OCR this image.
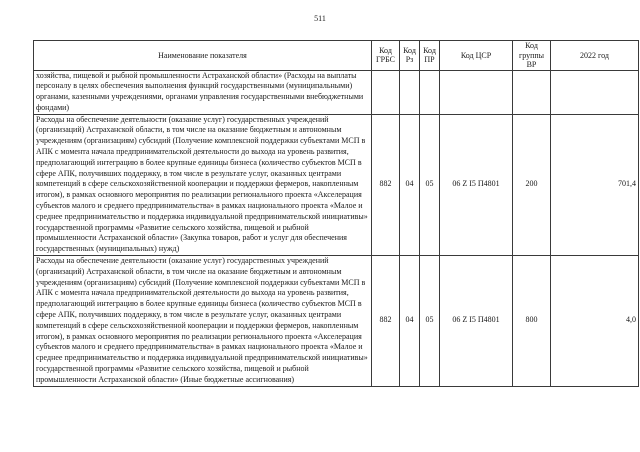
511
Наименование показателя	Код ГРБС	Код Рз	Код ПР	Код ЦСР	Код группы ВР	2022 год
хозяйства, пищевой и рыбной промышленности Астраханской области» (Расходы на выплаты персоналу в целях обеспечения выполнения функций государственными (муниципальными) органами, казенными учреждениями, органами управления государственными внебюджетными фондами)						
Расходы на обеспечение деятельности (оказание услуг) государственных учреждений (организаций) Астраханской области, в том числе на оказание бюджетным и автономным учреждениям (организациям) субсидий (Получение комплексной поддержки субъектами МСП в АПК с момента начала предпринимательской деятельности до выхода на уровень развития, предполагающий интеграцию в более крупные единицы бизнеса (количество субъектов МСП в сфере АПК, получивших поддержку, в том числе в результате услуг, оказанных центрами компетенций в сфере сельскохозяйственной кооперации и поддержки фермеров, накопленным итогом), в рамках основного мероприятия по реализации регионального проекта «Акселерация субъектов малого и среднего предпринимательства» в рамках национального проекта «Малое и среднее предпринимательство и поддержка индивидуальной предпринимательской инициативы» государственной программы «Развитие сельского хозяйства, пищевой и рыбной промышленности Астраханской области» (Закупка товаров, работ и услуг для обеспечения государственных (муниципальных) нужд)	882	04	05	06 Z I5 П4801	200	701,4
Расходы на обеспечение деятельности (оказание услуг) государственных учреждений (организаций) Астраханской области, в том числе на оказание бюджетным и автономным учреждениям (организациям) субсидий (Получение комплексной поддержки субъектами МСП в АПК с момента начала предпринимательской деятельности до выхода на уровень развития, предполагающий интеграцию в более крупные единицы бизнеса (количество субъектов МСП в сфере АПК, получивших поддержку, в том числе в результате услуг, оказанных центрами компетенций в сфере сельскохозяйственной кооперации и поддержки фермеров, накопленным итогом), в рамках основного мероприятия по реализации регионального проекта «Акселерация субъектов малого и среднего предпринимательства» в рамках национального проекта «Малое и среднее предпринимательство и поддержка индивидуальной предпринимательской инициативы» государственной программы «Развитие сельского хозяйства, пищевой и рыбной промышленности Астраханской области» (Иные бюджетные ассигнования)	882	04	05	06 Z I5 П4801	800	4,0
